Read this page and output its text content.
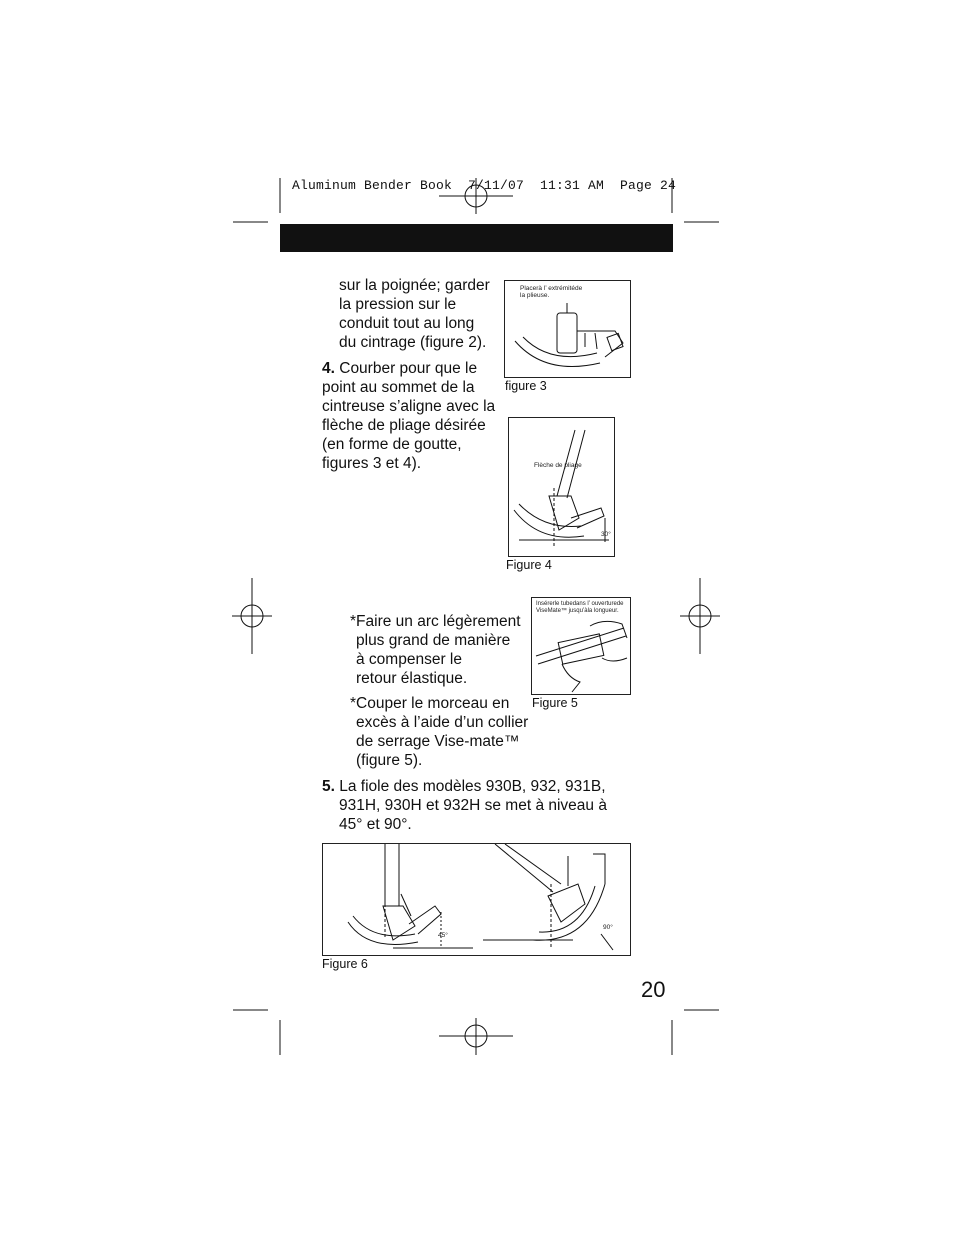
Aluminum Bender Book  7/11/07  11:31 AM  Page 24
sur la poignée; garder
la pression sur le
conduit tout au long
du cintrage (figure 2).
4. Courber pour que le
point au sommet de la
cintreuse s’aligne avec la
flèche de pliage désirée
(en forme de goutte,
figures 3 et 4).
*Faire un arc légèrement
plus grand de manière
à compenser le
retour élastique.
*Couper le morceau en
excès à l’aide d’un collier
de serrage Vise-mate™
(figure 5).
5. La fiole des modèles 930B, 932, 931B,
931H, 930H et 932H se met à niveau à
45° et 90°.
Placerà l’ extrémitéde
la plieuse.
figure 3
Flèche de pliage
30°
Figure 4
Insérerle tubedans l’ ouverturede
ViseMate™ jusqu’àla longueur.
Figure 5
45°
90°
Figure 6
20
